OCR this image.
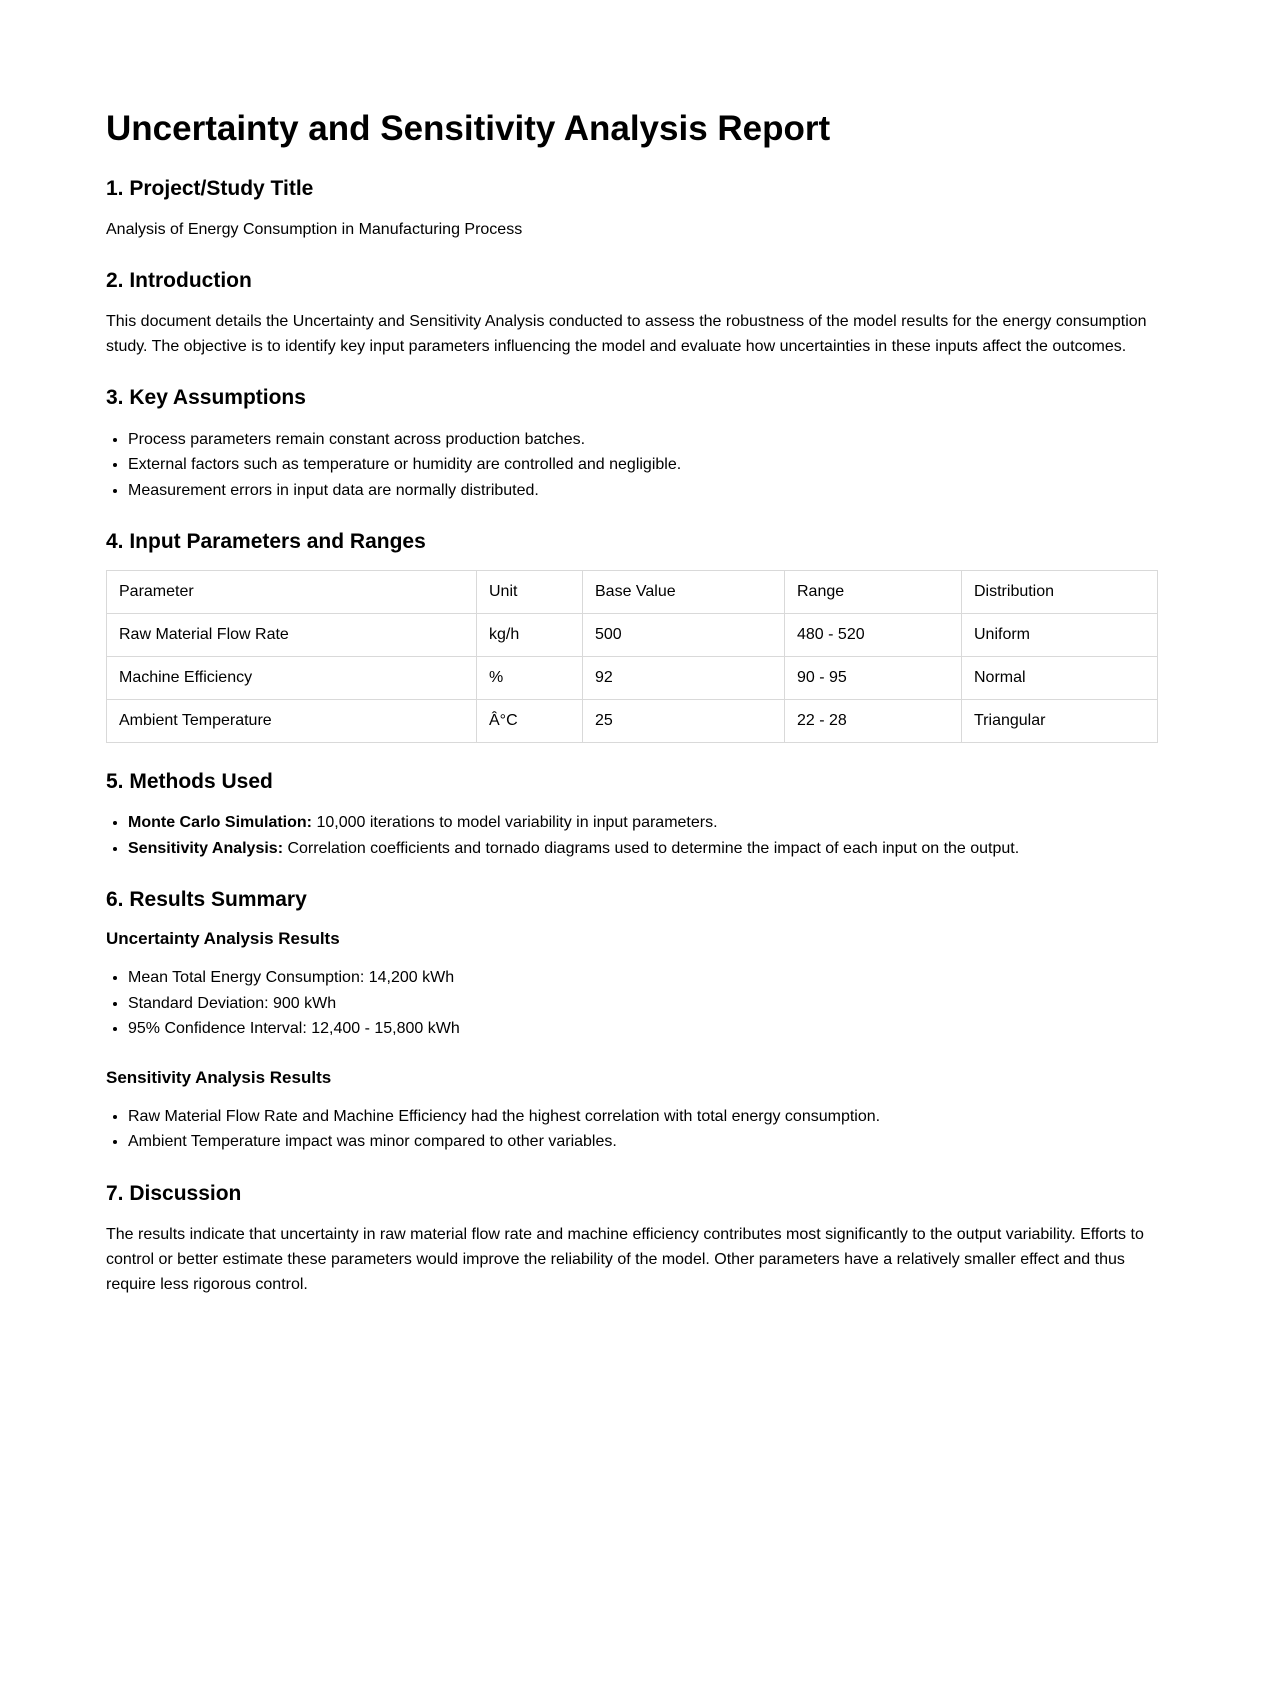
Uncertainty and Sensitivity Analysis Report
1. Project/Study Title

Analysis of Energy Consumption in Manufacturing Process

2. Introduction

This document details the Uncertainty and Sensitivity Analysis conducted to assess the robustness of the model results for the energy consumption study. The objective is to identify key input parameters influencing the model and evaluate how uncertainties in these inputs affect the outcomes.

3. Key Assumptions
• Process parameters remain constant across production batches.
• External factors such as temperature or humidity are controlled and negligible.
• Measurement errors in input data are normally distributed.
4. Input Parameters and Ranges
Parameter	Unit	Base Value	Range	Distribution
Raw Material Flow Rate	kg/h	500	480 - 520	Uniform
Machine Efficiency	%	92	90 - 95	Normal
Ambient Temperature	Â°C	25	22 - 28	Triangular
5. Methods Used
• Monte Carlo Simulation: 10,000 iterations to model variability in input parameters.
• Sensitivity Analysis: Correlation coefficients and tornado diagrams used to determine the impact of each input on the output.
6. Results Summary
Uncertainty Analysis Results
• Mean Total Energy Consumption: 14,200 kWh
• Standard Deviation: 900 kWh
• 95% Confidence Interval: 12,400 - 15,800 kWh
Sensitivity Analysis Results
• Raw Material Flow Rate and Machine Efficiency had the highest correlation with total energy consumption.
• Ambient Temperature impact was minor compared to other variables.
7. Discussion

The results indicate that uncertainty in raw material flow rate and machine efficiency contributes most significantly to the output variability. Efforts to control or better estimate these parameters would improve the reliability of the model. Other parameters have a relatively smaller effect and thus require less rigorous control.
